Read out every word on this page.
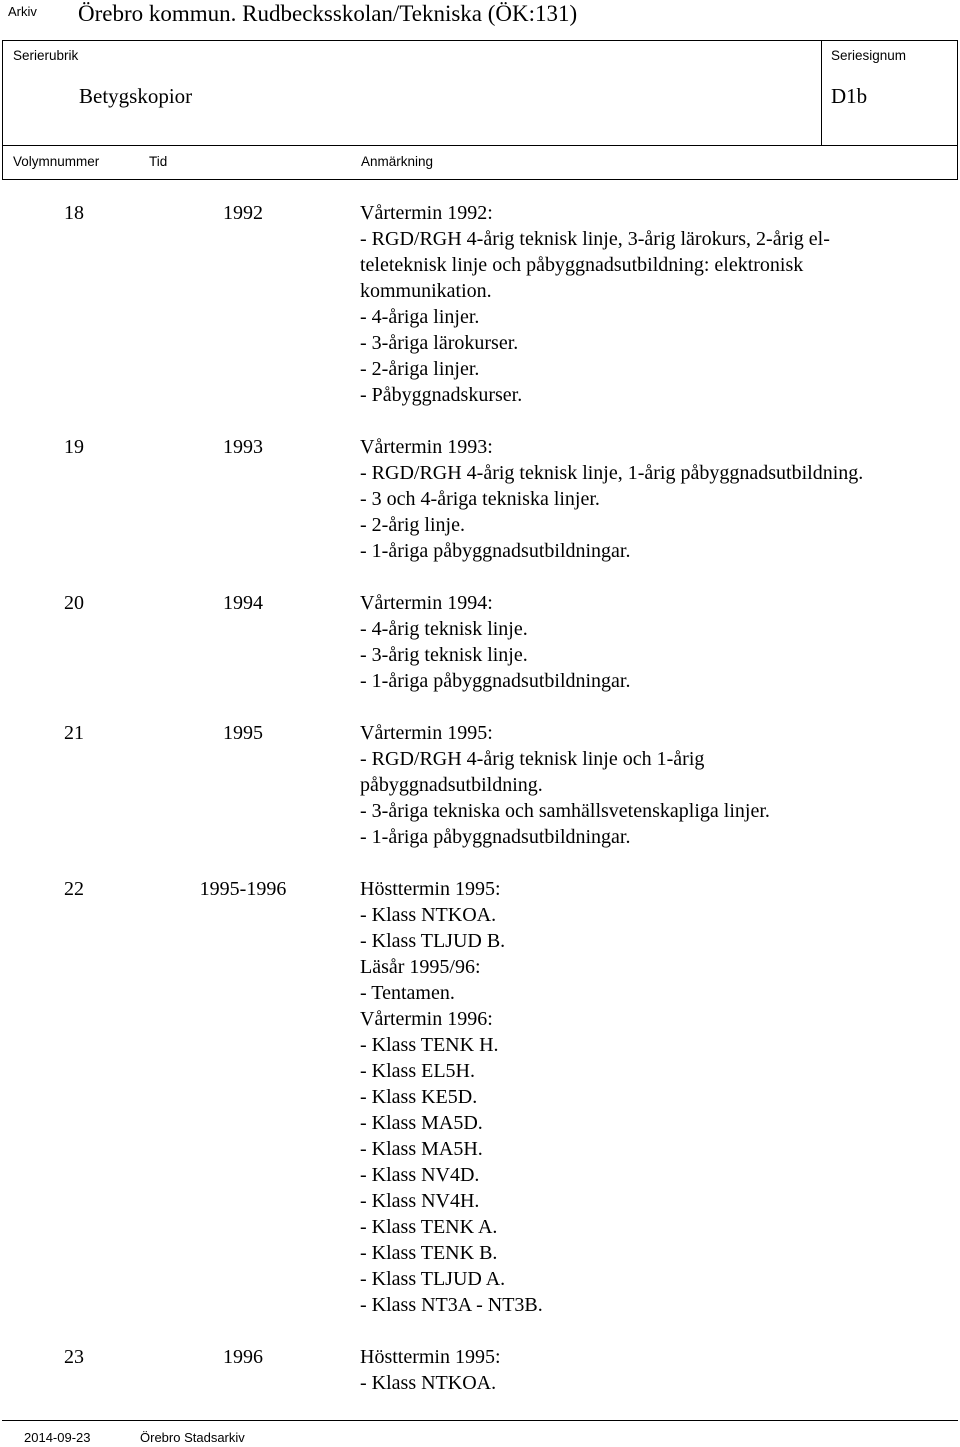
Arkiv Örebro kommun. Rudbecksskolan/Tekniska (ÖK:131)
Serierubrik
Betygskopior
Seriesignum
D1b
Volymnummer	Tid	Anmärkning
18	1992	Vårtermin 1992:
- RGD/RGH 4-årig teknisk linje, 3-årig lärokurs, 2-årig el-
teleteknisk linje och påbyggnadsutbildning: elektronisk
kommunikation.
- 4-åriga linjer.
- 3-åriga lärokurser.
- 2-åriga linjer.
- Påbyggnadskurser.
19	1993	Vårtermin 1993:
- RGD/RGH 4-årig teknisk linje, 1-årig påbyggnadsutbildning.
- 3 och 4-åriga tekniska linjer.
- 2-årig linje.
- 1-åriga påbyggnadsutbildningar.
20	1994	Vårtermin 1994:
- 4-årig teknisk linje.
- 3-årig teknisk linje.
- 1-åriga påbyggnadsutbildningar.
21	1995	Vårtermin 1995:
- RGD/RGH 4-årig teknisk linje och 1-årig
påbyggnadsutbildning.
- 3-åriga tekniska och samhällsvetenskapliga linjer.
- 1-åriga påbyggnadsutbildningar.
22	1995-1996	Hösttermin 1995:
- Klass NTKOA.
- Klass TLJUD B.
Läsår 1995/96:
- Tentamen.
Vårtermin 1996:
- Klass TENK H.
- Klass EL5H.
- Klass KE5D.
- Klass MA5D.
- Klass MA5H.
- Klass NV4D.
- Klass NV4H.
- Klass TENK A.
- Klass TENK B.
- Klass TLJUD A.
- Klass NT3A - NT3B.
23	1996	Hösttermin 1995:
- Klass NTKOA.
2014-09-23	Örebro Stadsarkiv
